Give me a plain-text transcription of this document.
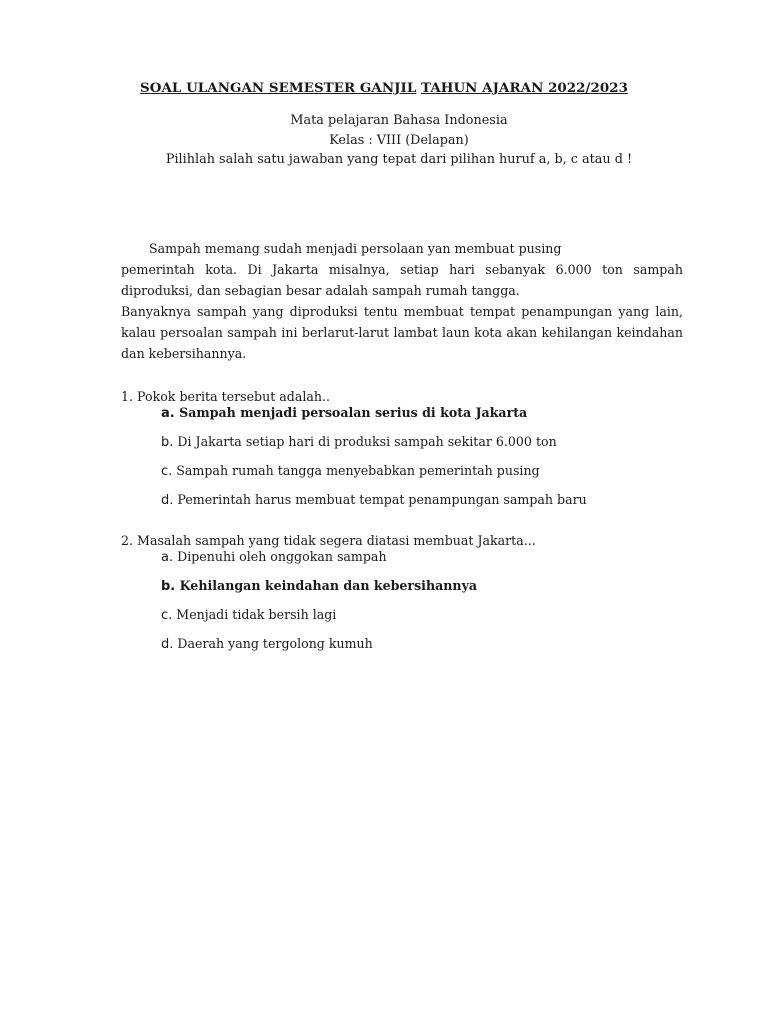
SOAL ULANGAN SEMESTER GANJIL TAHUN AJARAN 2022/2023
Mata pelajaran Bahasa Indonesia
Kelas : VIII (Delapan)
Pilihlah salah satu jawaban yang tepat dari pilihan huruf a, b, c atau d !

Sampah memang sudah menjadi persolaan yan membuat pusing

pemerintah kota. Di Jakarta misalnya, setiap hari sebanyak 6.000 ton sampah diproduksi, dan sebagian besar adalah sampah rumah tangga.

Banyaknya sampah yang diproduksi tentu membuat tempat penampungan yang lain, kalau persoalan sampah ini berlarut-larut lambat laun kota akan kehilangan keindahan dan kebersihannya.

1. Pokok berita tersebut adalah..
a. Sampah menjadi persoalan serius di kota Jakarta
b. Di Jakarta setiap hari di produksi sampah sekitar 6.000 ton
c. Sampah rumah tangga menyebabkan pemerintah pusing
d. Pemerintah harus membuat tempat penampungan sampah baru
2. Masalah sampah yang tidak segera diatasi membuat Jakarta...
a. Dipenuhi oleh onggokan sampah
b. Kehilangan keindahan dan kebersihannya
c. Menjadi tidak bersih lagi
d. Daerah yang tergolong kumuh
